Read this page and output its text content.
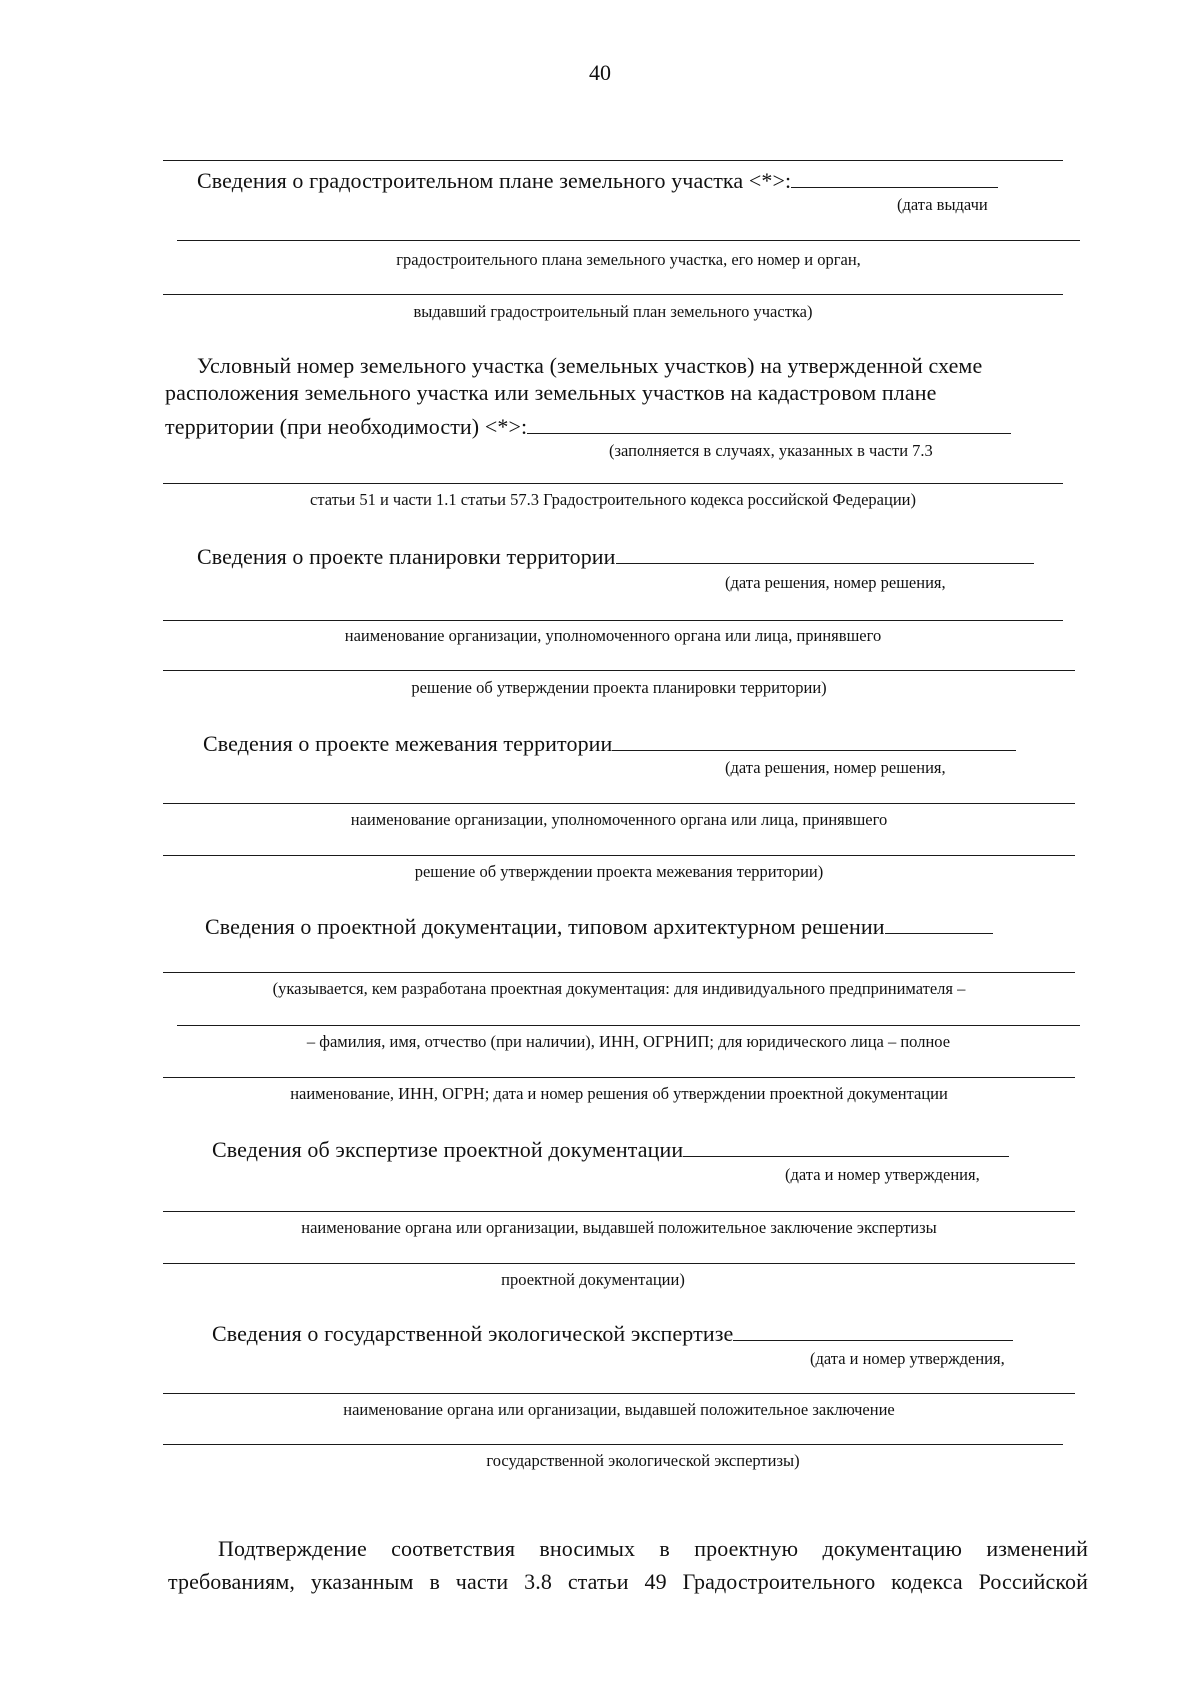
40
Сведения о градостроительном плане земельного участка <*>:
(дата выдачи
градостроительного плана земельного участка, его номер и орган,
выдавший градостроительный план земельного участка)
Условный номер земельного участка (земельных участков) на утвержденной схеме
расположения земельного участка или земельных участков на кадастровом плане
территории (при необходимости) <*>:
(заполняется в случаях, указанных в части 7.3
статьи 51 и части 1.1 статьи 57.3 Градостроительного кодекса российской Федерации)
Сведения о проекте планировки территории
(дата решения, номер решения,
наименование организации, уполномоченного органа или лица, принявшего
решение об утверждении проекта планировки территории)
Сведения о проекте межевания территории
(дата решения, номер решения,
наименование организации, уполномоченного органа или лица, принявшего
решение об утверждении проекта межевания территории)
Сведения о проектной документации, типовом архитектурном решении
(указывается, кем разработана проектная документация: для индивидуального предпринимателя –
– фамилия, имя, отчество (при наличии), ИНН, ОГРНИП; для юридического лица – полное
наименование, ИНН, ОГРН; дата и номер решения об утверждении проектной документации
Сведения об экспертизе проектной документации
(дата и номер утверждения,
наименование органа или организации, выдавшей положительное заключение экспертизы
проектной документации)
Сведения о государственной экологической экспертизе
(дата и номер утверждения,
наименование органа или организации, выдавшей положительное заключение
государственной экологической экспертизы)
Подтверждение соответствия вносимых в проектную документацию изменений
требованиям, указанным в части 3.8 статьи 49 Градостроительного кодекса Российской
